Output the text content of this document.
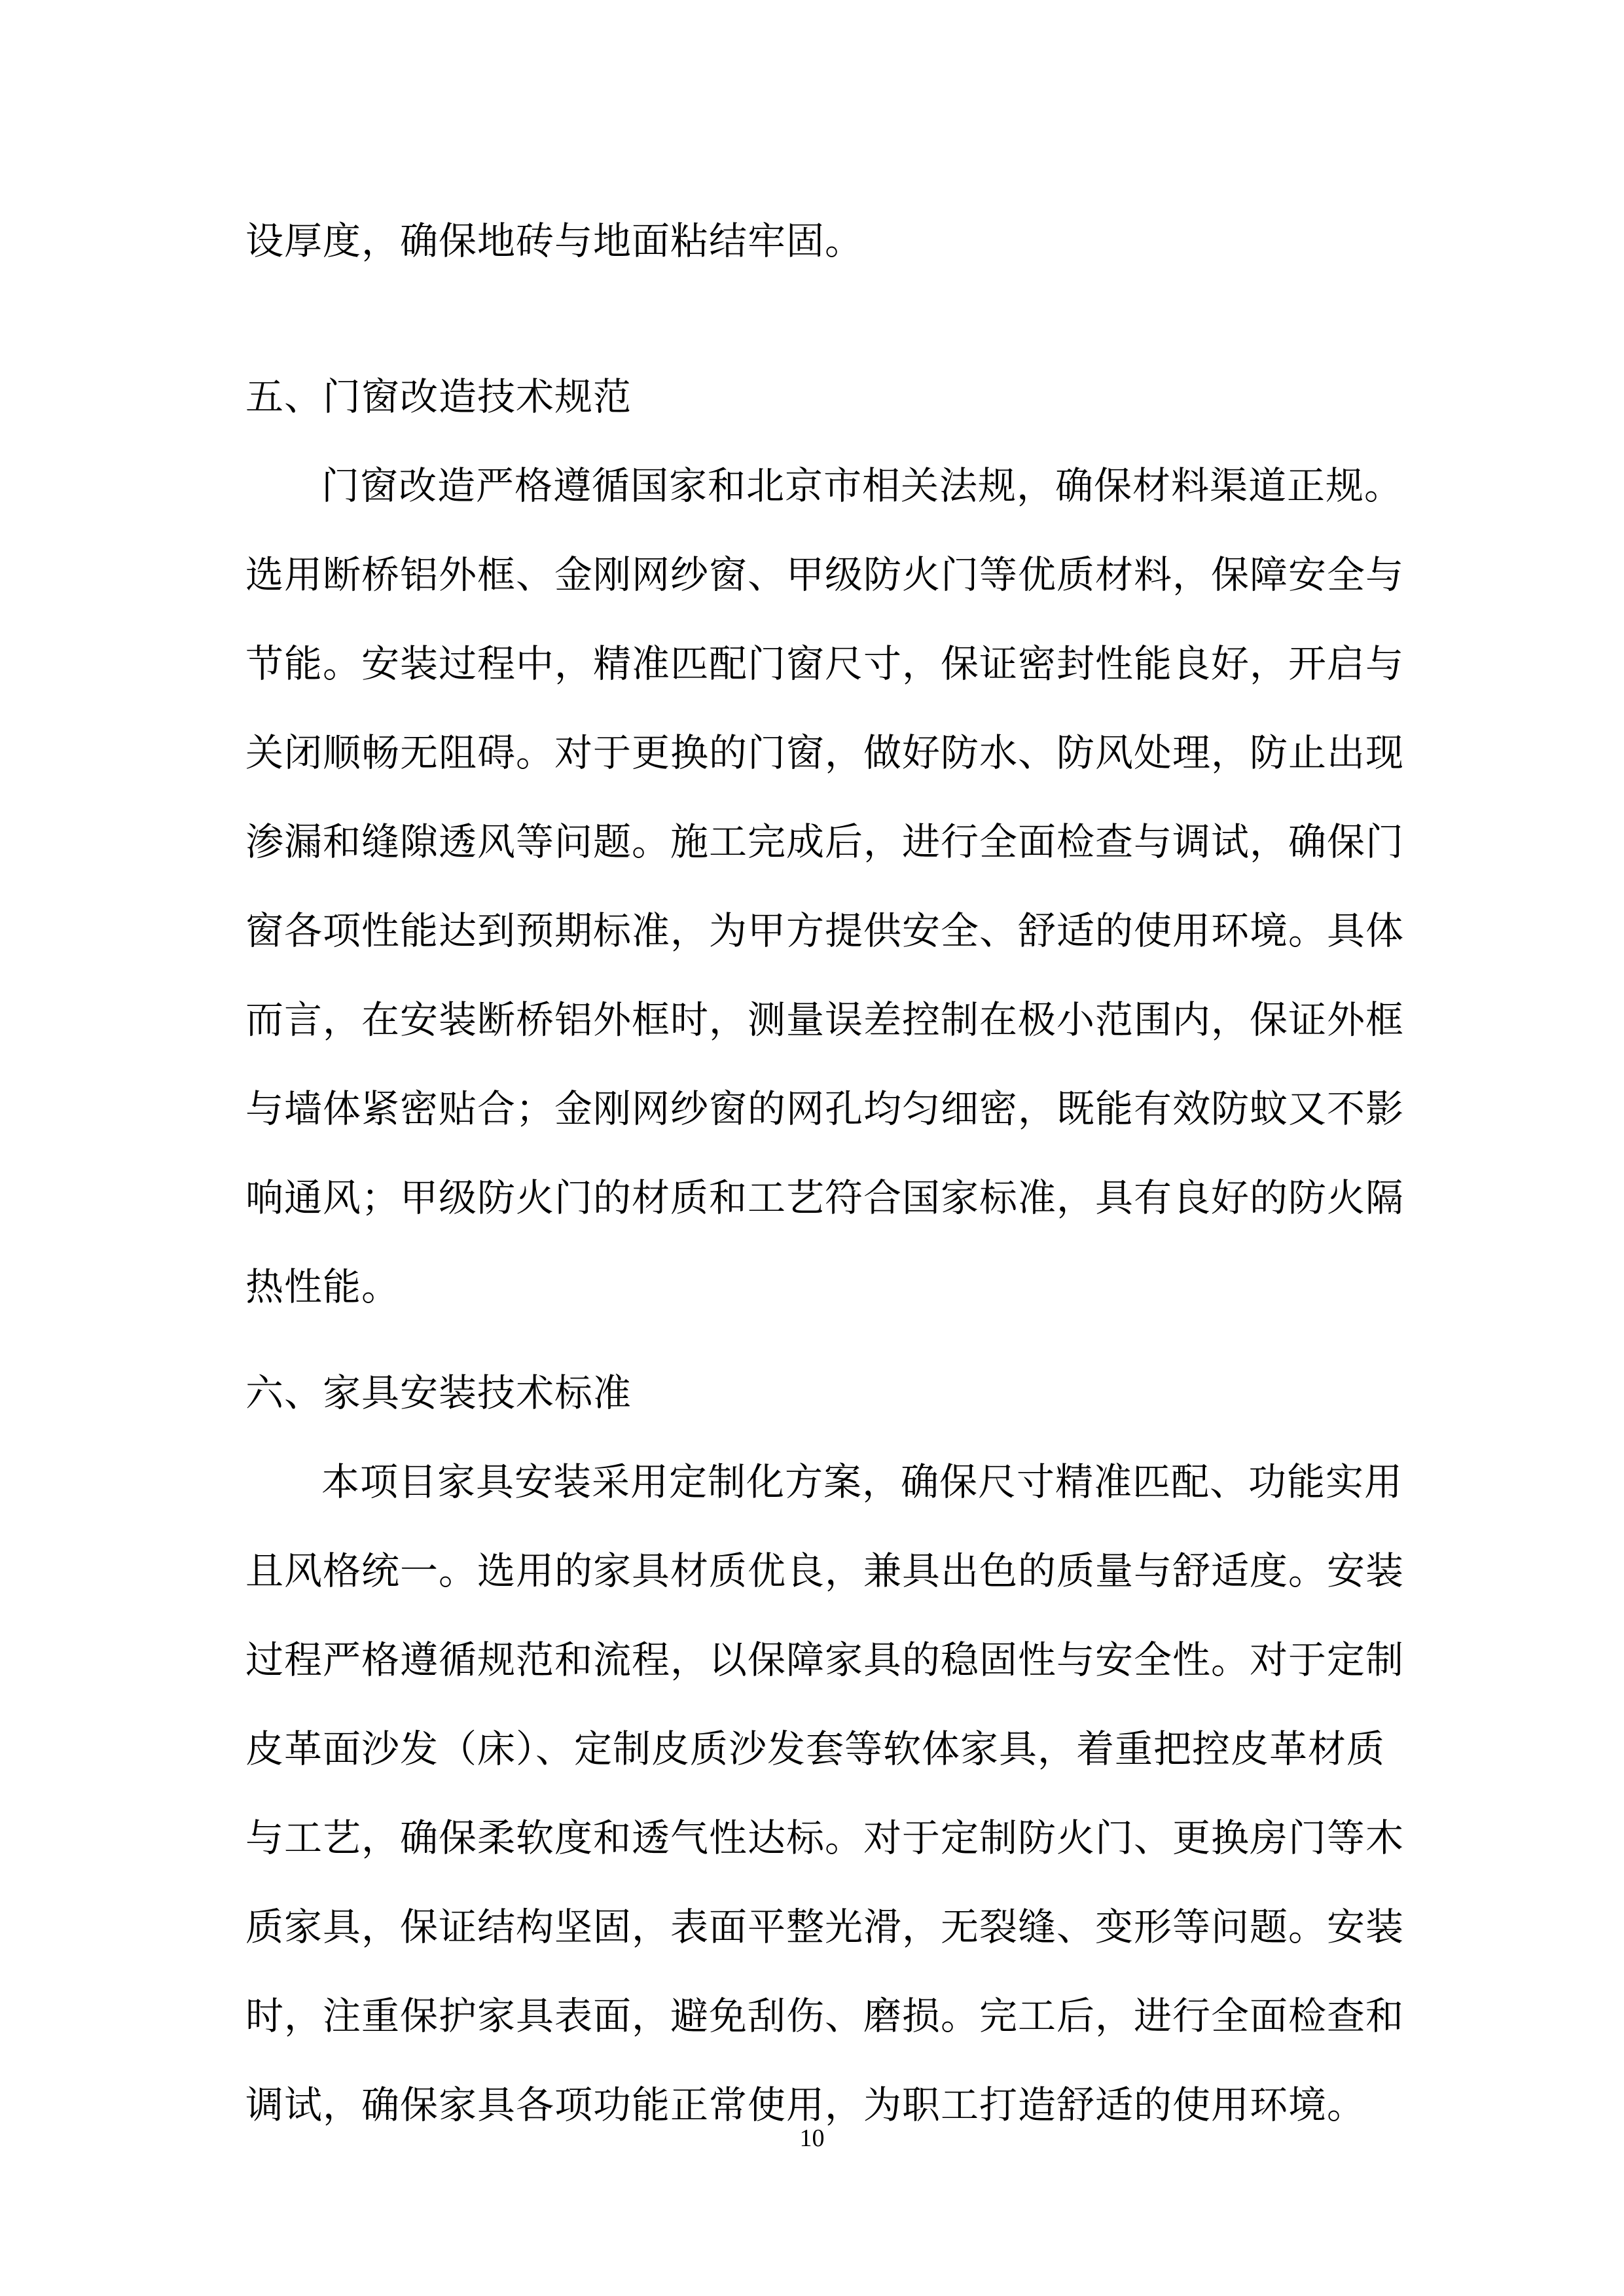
设厚度，确保地砖与地面粘结牢固。
五、门窗改造技术规范
门窗改造严格遵循国家和北京市相关法规，确保材料渠道正规。
选用断桥铝外框、金刚网纱窗、甲级防火门等优质材料，保障安全与
节能。安装过程中，精准匹配门窗尺寸，保证密封性能良好，开启与
关闭顺畅无阻碍。对于更换的门窗，做好防水、防风处理，防止出现
渗漏和缝隙透风等问题。施工完成后，进行全面检查与调试，确保门
窗各项性能达到预期标准，为甲方提供安全、舒适的使用环境。具体
而言，在安装断桥铝外框时，测量误差控制在极小范围内，保证外框
与墙体紧密贴合；金刚网纱窗的网孔均匀细密，既能有效防蚊又不影
响通风；甲级防火门的材质和工艺符合国家标准，具有良好的防火隔
热性能。
六、家具安装技术标准
本项目家具安装采用定制化方案，确保尺寸精准匹配、功能实用
且风格统一。选用的家具材质优良，兼具出色的质量与舒适度。安装
过程严格遵循规范和流程，以保障家具的稳固性与安全性。对于定制
皮革面沙发（床）、定制皮质沙发套等软体家具，着重把控皮革材质
与工艺，确保柔软度和透气性达标。对于定制防火门、更换房门等木
质家具，保证结构坚固，表面平整光滑，无裂缝、变形等问题。安装
时，注重保护家具表面，避免刮伤、磨损。完工后，进行全面检查和
调试，确保家具各项功能正常使用，为职工打造舒适的使用环境。
10
